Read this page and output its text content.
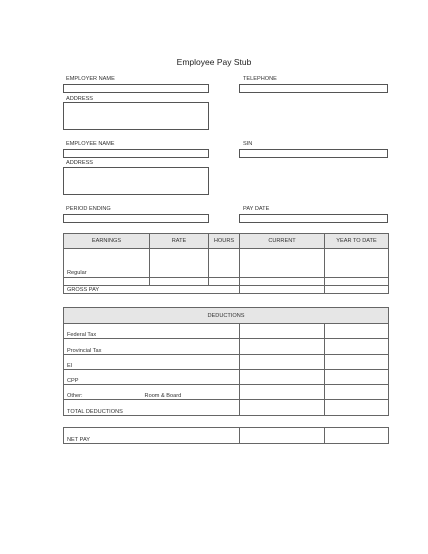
Employee Pay Stub
EMPLOYER NAME	TELEPHONE
ADDRESS
EMPLOYEE NAME	SIN
ADDRESS
PERIOD ENDING	PAY DATE
EARNINGS	RATE	HOURS	CURRENT	YEAR TO DATE
Regular				
GROSS PAY		
DEDUCTIONS		
Federal Tax		
Provincial Tax		
EI		
CPP		
Other: Room & Board		
TOTAL DEDUCTIONS		
NET PAY		
